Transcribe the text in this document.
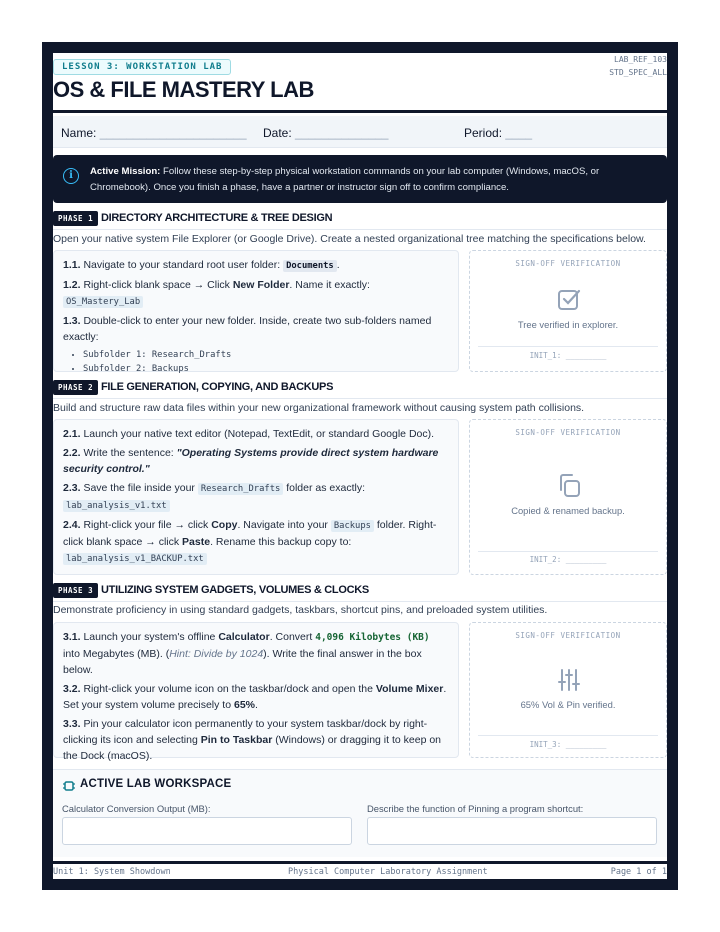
LESSON 3: WORKSTATION LAB
LAB_REF_103
STD_SPEC_ALL
OS & FILE MASTERY LAB
Name: ______________________ Date: ______________	Period: ____
i	Active Mission: Follow these step-by-step physical workstation commands on your lab computer (Windows, macOS, or Chromebook). Once you finish a phase, have a partner or instructor sign off to confirm compliance.
PHASE 1 DIRECTORY ARCHITECTURE & TREE DESIGN
Open your native system File Explorer (or Google Drive). Create a nested organizational tree matching the specifications below.
1.1. Navigate to your standard root user folder: Documents .
1.2. Right-click blank space → Click New Folder. Name it exactly: OS_Mastery_Lab
1.3. Double-click to enter your new folder. Inside, create two sub-folders named exactly:
• Subfolder 1: Research_Drafts
• Subfolder 2: Backups
SIGN-OFF VERIFICATION
Tree verified in explorer.
INIT_1: _________
PHASE 2 FILE GENERATION, COPYING, AND BACKUPS
Build and structure raw data files within your new organizational framework without causing system path collisions.
2.1. Launch your native text editor (Notepad, TextEdit, or standard Google Doc).
2.2. Write the sentence: "Operating Systems provide direct system hardware security control."
2.3. Save the file inside your Research_Drafts folder as exactly:
lab_analysis_v1.txt
2.4. Right-click your file → click Copy. Navigate into your Backups folder. Right-click blank space → click Paste. Rename this backup copy to:
lab_analysis_v1_BACKUP.txt
SIGN-OFF VERIFICATION
Copied & renamed backup.
INIT_2: _________
PHASE 3 UTILIZING SYSTEM GADGETS, VOLUMES & CLOCKS
Demonstrate proficiency in using standard gadgets, taskbars, shortcut pins, and preloaded system utilities.
3.1. Launch your system's offline Calculator. Convert 4,096 Kilobytes (KB) into Megabytes (MB). (Hint: Divide by 1024). Write the final answer in the box below.
3.2. Right-click your volume icon on the taskbar/dock and open the Volume Mixer. Set your system volume precisely to 65%.
3.3. Pin your calculator icon permanently to your system taskbar/dock by right-clicking its icon and selecting Pin to Taskbar (Windows) or dragging it to keep on the Dock (macOS).
SIGN-OFF VERIFICATION
65% Vol & Pin verified.
INIT_3: _________
ACTIVE LAB WORKSPACE
Calculator Conversion Output (MB):	Describe the function of Pinning a program shortcut:
Unit 1: System Showdown	Physical Computer Laboratory Assignment	Page 1 of 1
